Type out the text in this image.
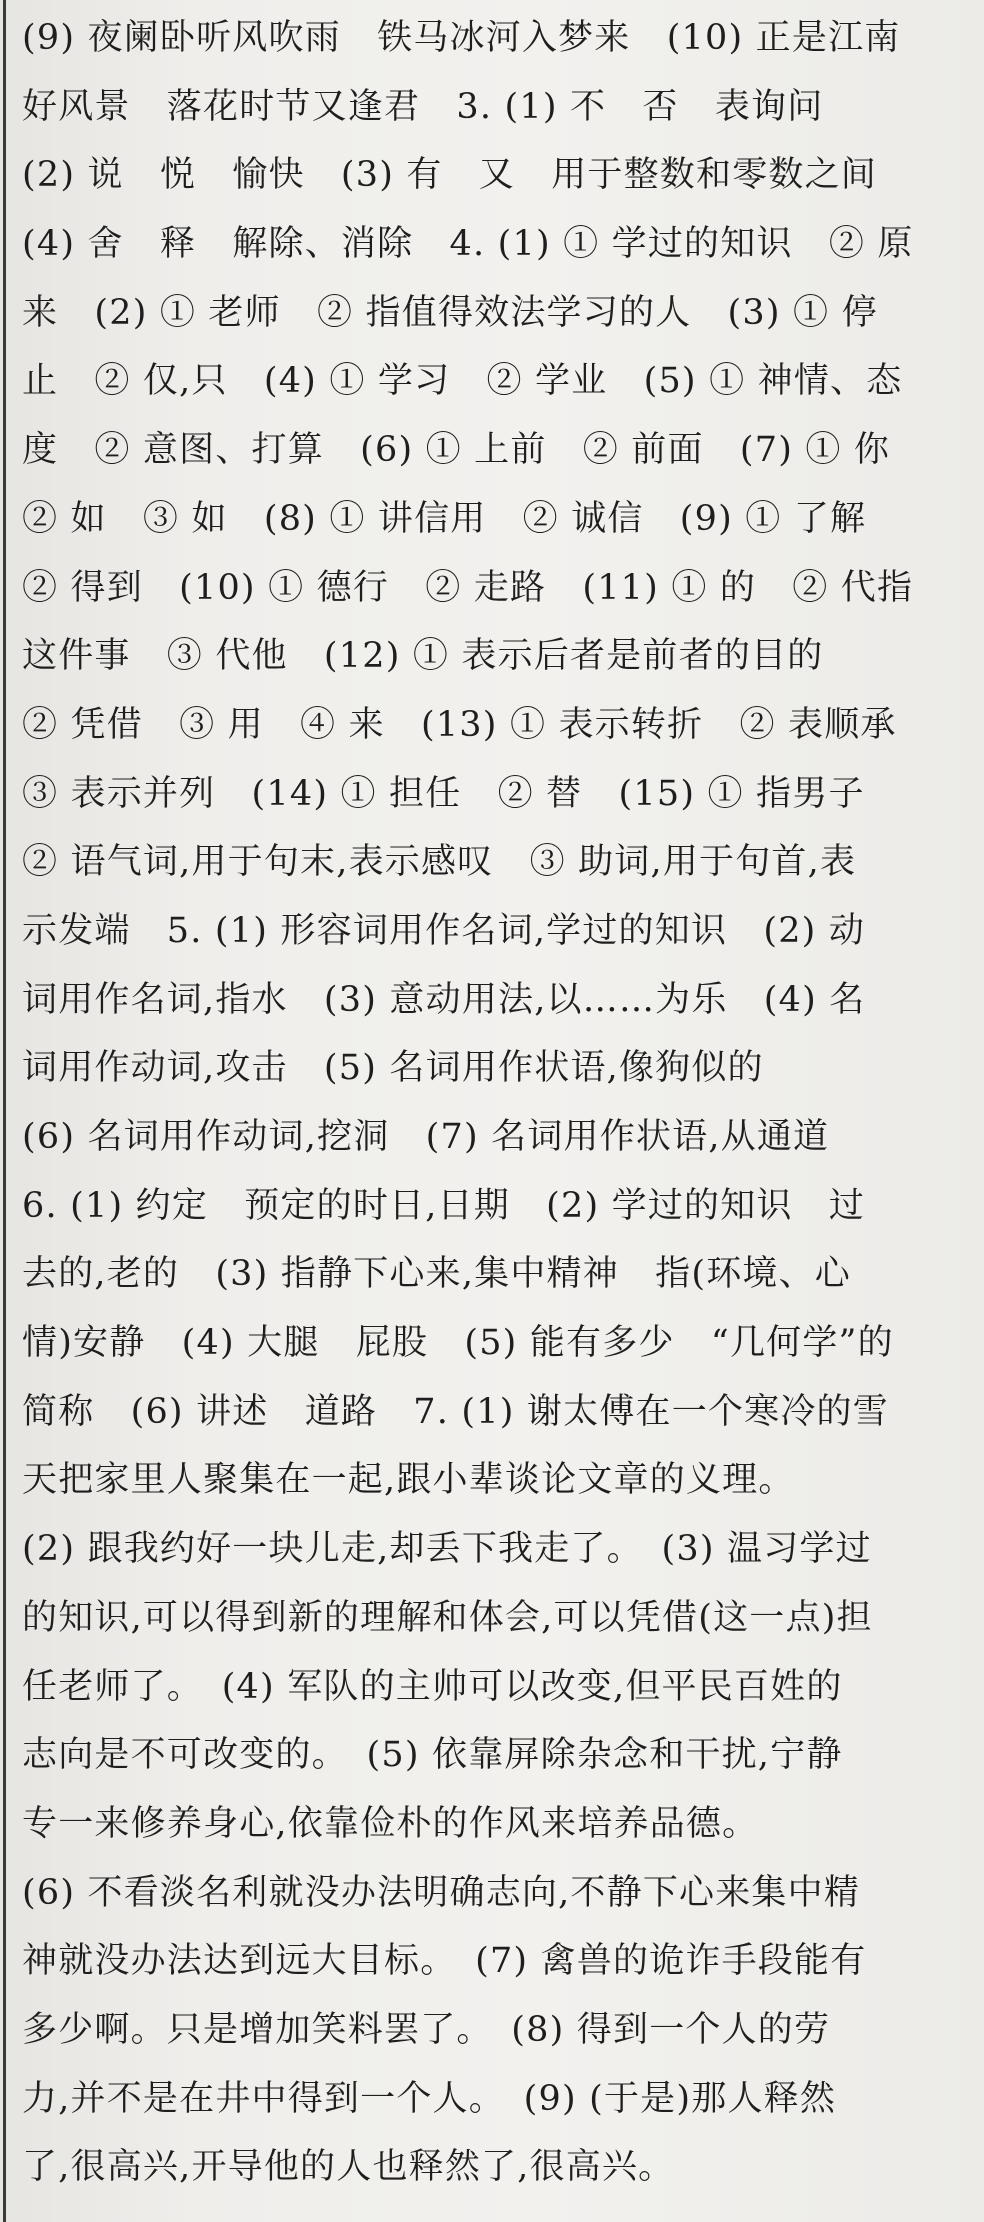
(9) 夜阑卧听风吹雨　铁马冰河入梦来　(10) 正是江南
好风景　落花时节又逢君　3. (1) 不　否　表询问
(2) 说　悦　愉快　(3) 有　又　用于整数和零数之间
(4) 舍　释　解除、消除　4. (1) ① 学过的知识　② 原
来　(2) ① 老师　② 指值得效法学习的人　(3) ① 停
止　② 仅,只　(4) ① 学习　② 学业　(5) ① 神情、态
度　② 意图、打算　(6) ① 上前　② 前面　(7) ① 你
② 如　③ 如　(8) ① 讲信用　② 诚信　(9) ① 了解
② 得到　(10) ① 德行　② 走路　(11) ① 的　② 代指
这件事　③ 代他　(12) ① 表示后者是前者的目的
② 凭借　③ 用　④ 来　(13) ① 表示转折　② 表顺承
③ 表示并列　(14) ① 担任　② 替　(15) ① 指男子
② 语气词,用于句末,表示感叹　③ 助词,用于句首,表
示发端　5. (1) 形容词用作名词,学过的知识　(2) 动
词用作名词,指水　(3) 意动用法,以……为乐　(4) 名
词用作动词,攻击　(5) 名词用作状语,像狗似的
(6) 名词用作动词,挖洞　(7) 名词用作状语,从通道
6. (1) 约定　预定的时日,日期　(2) 学过的知识　过
去的,老的　(3) 指静下心来,集中精神　指(环境、心
情)安静　(4) 大腿　屁股　(5) 能有多少　“几何学”的
简称　(6) 讲述　道路　7. (1) 谢太傅在一个寒冷的雪
天把家里人聚集在一起,跟小辈谈论文章的义理。
(2) 跟我约好一块儿走,却丢下我走了。　(3) 温习学过
的知识,可以得到新的理解和体会,可以凭借(这一点)担
任老师了。　(4) 军队的主帅可以改变,但平民百姓的
志向是不可改变的。　(5) 依靠屏除杂念和干扰,宁静
专一来修养身心,依靠俭朴的作风来培养品德。
(6) 不看淡名利就没办法明确志向,不静下心来集中精
神就没办法达到远大目标。　(7) 禽兽的诡诈手段能有
多少啊。只是增加笑料罢了。　(8) 得到一个人的劳
力,并不是在井中得到一个人。　(9) (于是)那人释然
了,很高兴,开导他的人也释然了,很高兴。
